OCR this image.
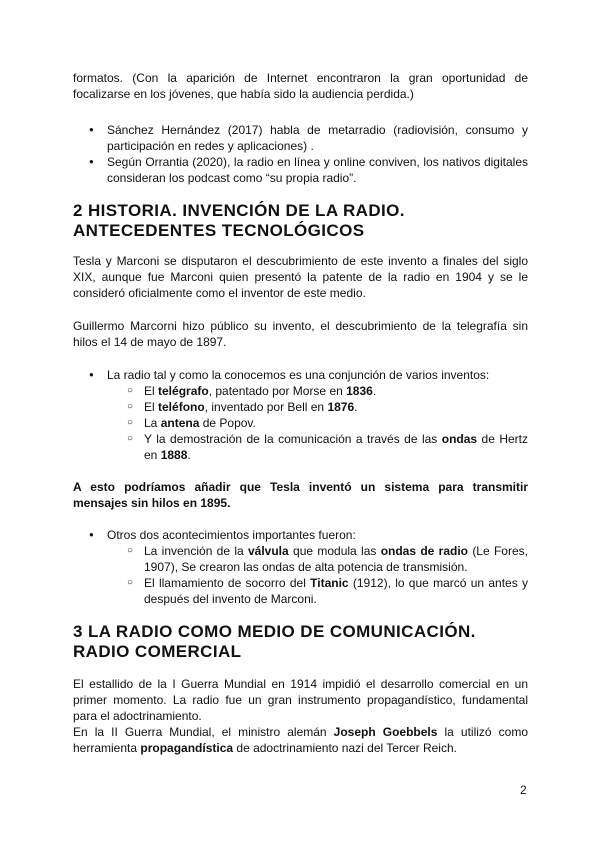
formatos. (Con la aparición de Internet encontraron la gran oportunidad de focalizarse en los jóvenes, que había sido la audiencia perdida.)

● Sánchez Hernández (2017) habla de metarradio (radiovisión, consumo y participación en redes y aplicaciones) .

● Según Orrantia (2020), la radio en línea y online conviven, los nativos digitales consideran los podcast como “su propia radio”.

2 HISTORIA. INVENCIÓN DE LA RADIO. ANTECEDENTES TECNOLÓGICOS

Tesla y Marconi se disputaron el descubrimiento de este invento a finales del siglo XIX, aunque fue Marconi quien presentó la patente de la radio en 1904 y se le consideró oficialmente como el inventor de este medio.

Guillermo Marcorni hizo público su invento, el descubrimiento de la telegrafía sin hilos el 14 de mayo de 1897.

● La radio tal y como la conocemos es una conjunción de varios inventos:

○ El telégrafo, patentado por Morse en 1836.

○ El teléfono, inventado por Bell en 1876.

○ La antena de Popov.

○ Y la demostración de la comunicación a través de las ondas de Hertz en 1888.

A esto podríamos añadir que Tesla inventó un sistema para transmitir mensajes sin hilos en 1895.

● Otros dos acontecimientos importantes fueron:

○ La invención de la válvula que modula las ondas de radio (Le Fores, 1907), Se crearon las ondas de alta potencia de transmisión.

○ El llamamiento de socorro del Titanic (1912), lo que marcó un antes y después del invento de Marconi.

3 LA RADIO COMO MEDIO DE COMUNICACIÓN. RADIO COMERCIAL

El estallido de la I Guerra Mundial en 1914 impidió el desarrollo comercial en un primer momento. La radio fue un gran instrumento propagandístico, fundamental para el adoctrinamiento.

En la II Guerra Mundial, el ministro alemán Joseph Goebbels la utilizó como herramienta propagandística de adoctrinamiento nazi del Tercer Reich.

2
